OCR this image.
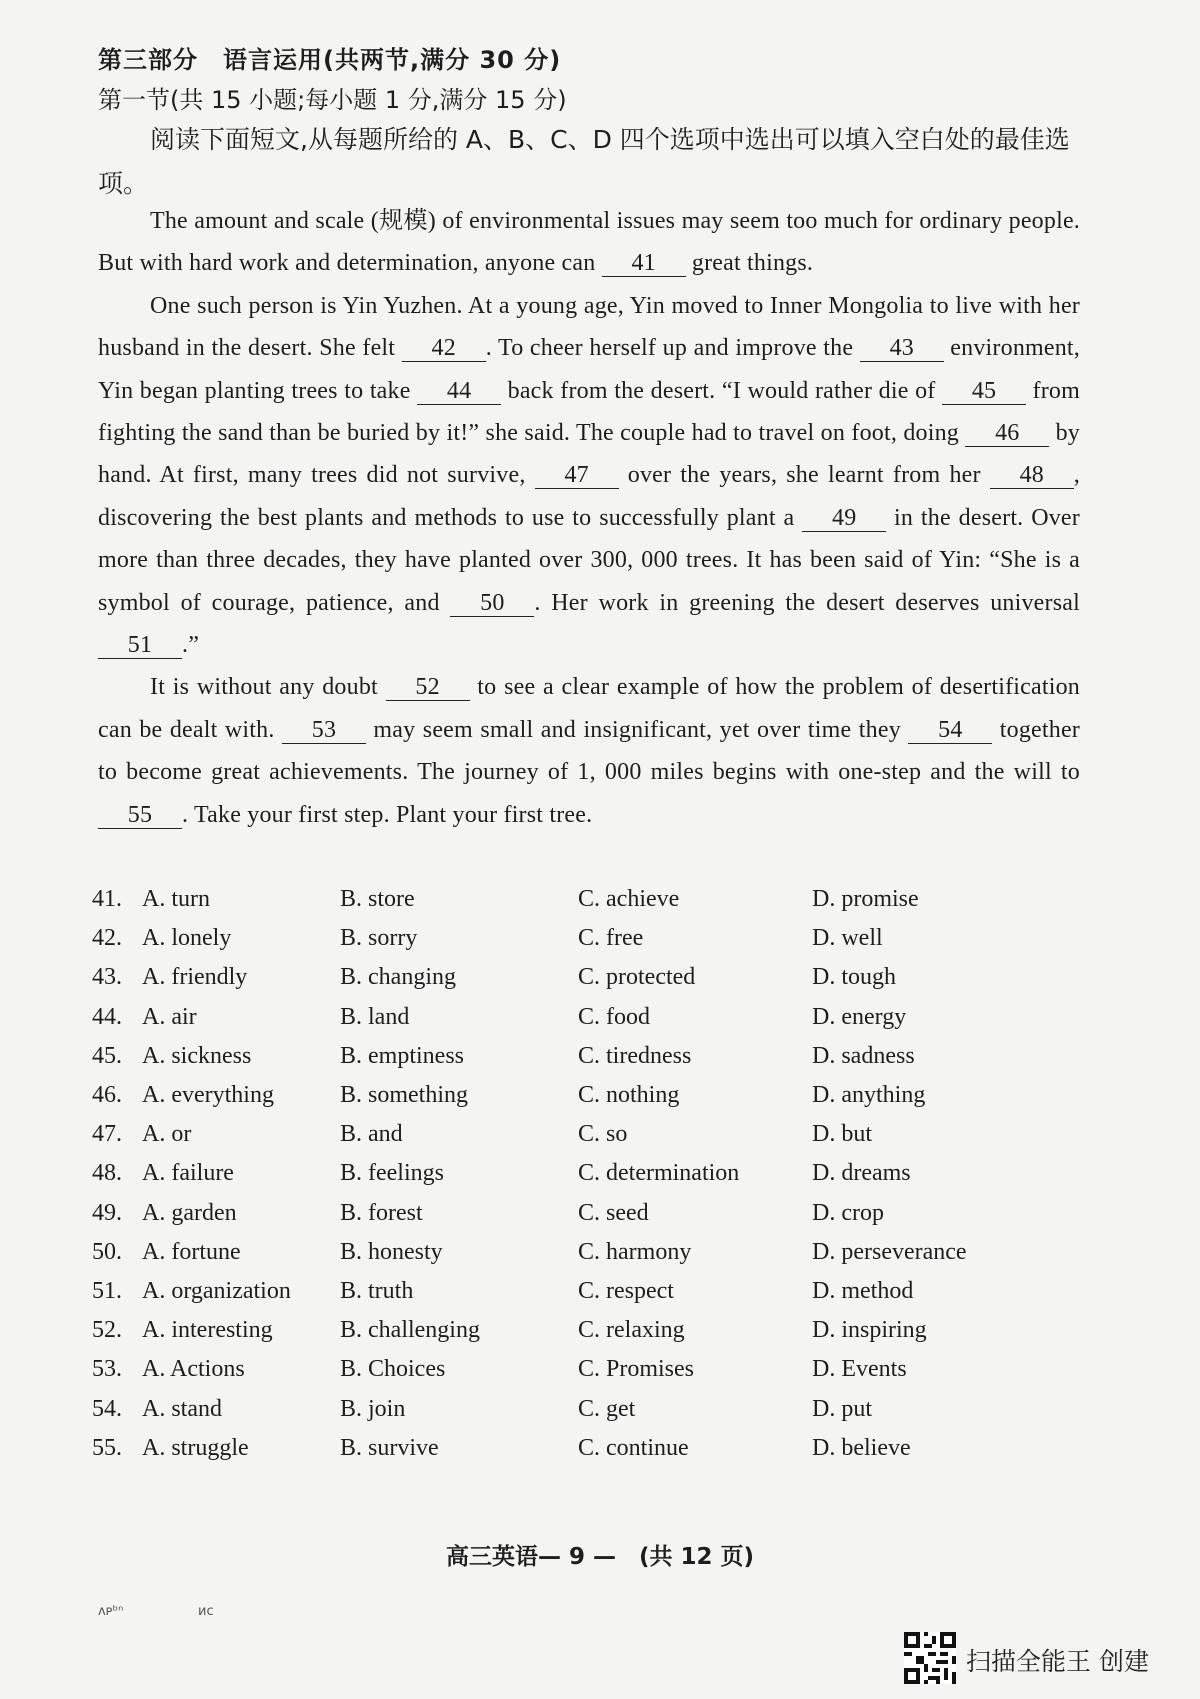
第三部分　语言运用(共两节,满分 30 分)
第一节(共 15 小题;每小题 1 分,满分 15 分)
阅读下面短文,从每题所给的 A、B、C、D 四个选项中选出可以填入空白处的最佳选项。

The amount and scale (规模) of environmental issues may seem too much for ordinary people. But with hard work and determination, anyone can 41 great things.

One such person is Yin Yuzhen. At a young age, Yin moved to Inner Mongolia to live with her husband in the desert. She felt 42 . To cheer herself up and improve the 43 environment, Yin began planting trees to take 44 back from the desert. “I would rather die of 45 from fighting the sand than be buried by it!” she said. The couple had to travel on foot, doing 46 by hand. At first, many trees did not survive, 47 over the years, she learnt from her 48 , discovering the best plants and methods to use to successfully plant a 49 in the desert. Over more than three decades, they have planted over 300, 000 trees. It has been said of Yin: “She is a symbol of courage, patience, and 50 . Her work in greening the desert deserves universal 51 .”

It is without any doubt 52 to see a clear example of how the problem of desertification can be dealt with. 53 may seem small and insignificant, yet over time they 54 together to become great achievements. The journey of 1, 000 miles begins with one-step and the will to 55 . Take your first step. Plant your first tree.

41. A. turn	B. store	C. achieve	D. promise
42. A. lonely	B. sorry	C. free	D. well
43. A. friendly	B. changing	C. protected	D. tough
44. A. air	B. land	C. food	D. energy
45. A. sickness	B. emptiness	C. tiredness	D. sadness
46. A. everything	B. something	C. nothing	D. anything
47. A. or	B. and	C. so	D. but
48. A. failure	B. feelings	C. determination	D. dreams
49. A. garden	B. forest	C. seed	D. crop
50. A. fortune	B. honesty	C. harmony	D. perseverance
51. A. organization B. truth	C. respect	D. method
52. A. interesting	B. challenging	C. relaxing	D. inspiring
53. A. Actions	B. Choices	C. Promises	D. Events
54. A. stand	B. join	C. get	D. put
55. A. struggle	B. survive	C. continue	D. believe
高三英语— 9 —　(共 12 页)
ᴧᴘᵇⁿ	ᴎᴄ
扫描全能王 创建
